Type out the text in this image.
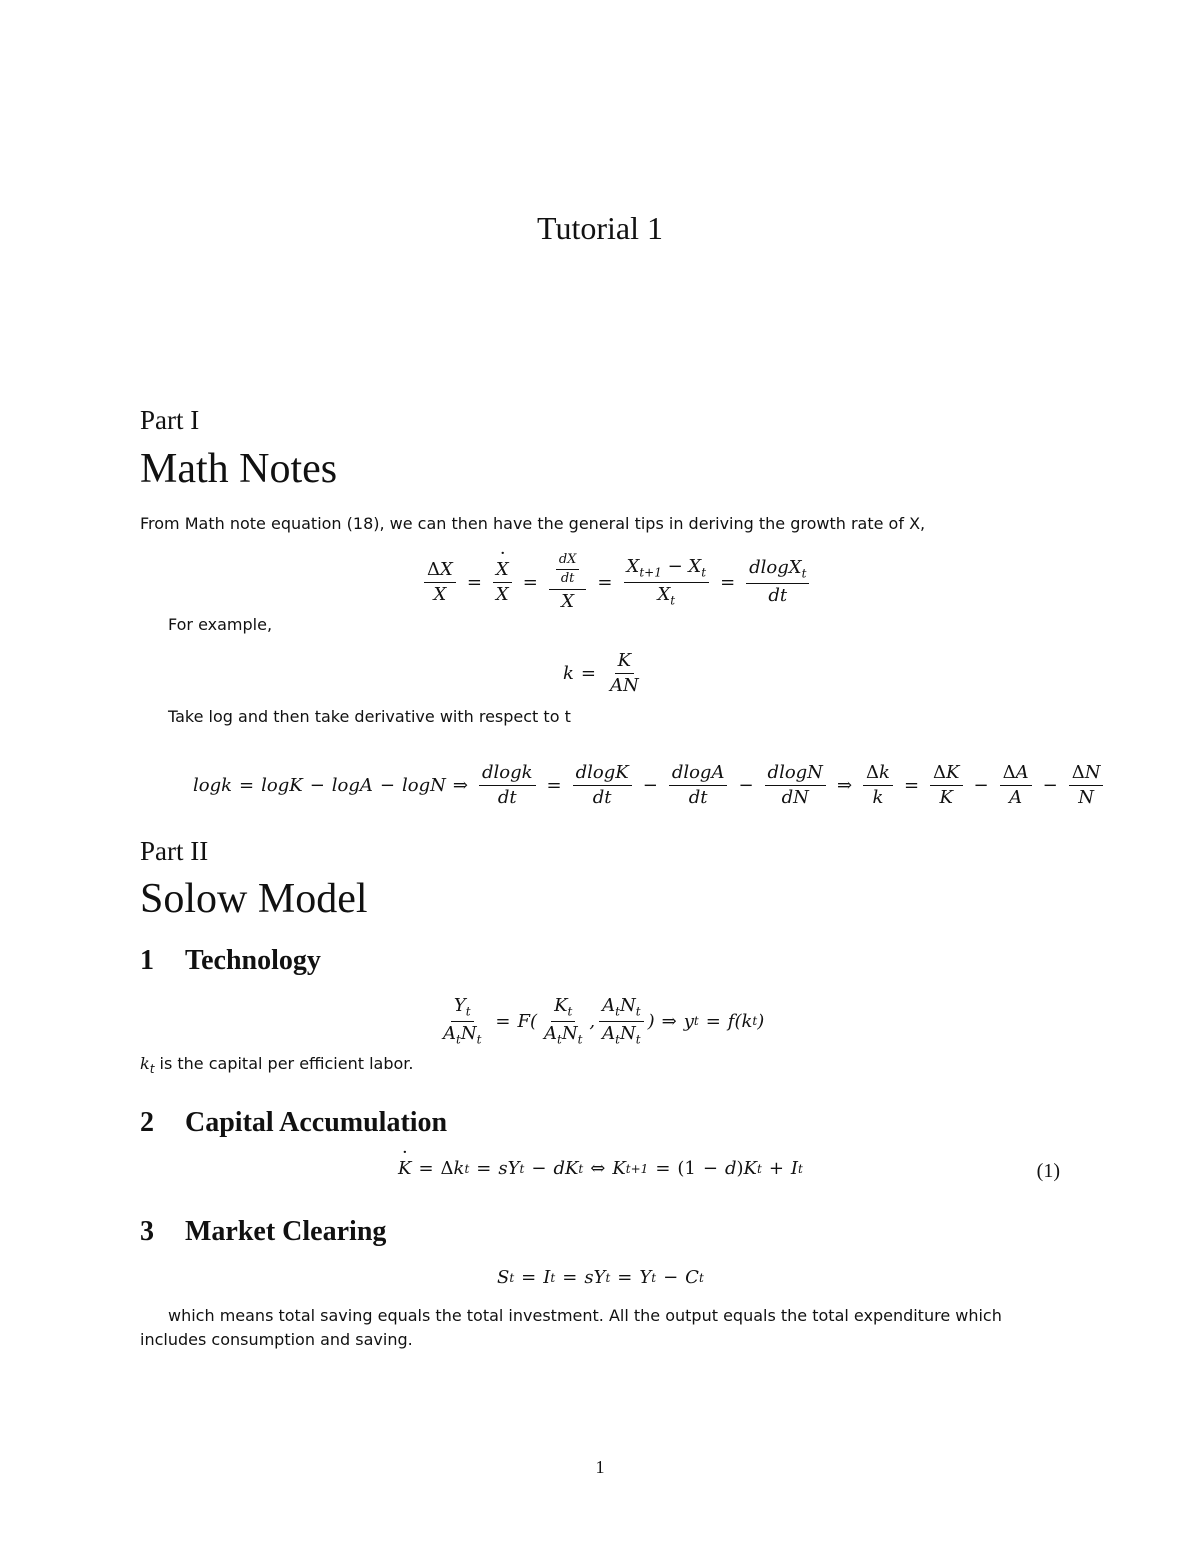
Tutorial 1
Part I
Math Notes
From Math note equation (18), we can then have the general tips in deriving the growth rate of X,
$\frac{\Delta X}{X}$ =
· $\frac{X}{X} = \frac{\frac{dX}{dt}}{X} = \frac{X_{t+1} - X_t}{X_t} = \frac{dlogX_t}{dt}$
For example,
$k = \frac{K}{AN}$
Take log and then take derivative with respect to t
logk = logK − logA − logN ⇒ $\frac{dlogk}{dt} = \frac{dlogK}{dt} - \frac{dlogA}{dt} - \frac{dlogN}{dN}$ ⇒ $\frac{\Delta k}{k} = \frac{\Delta K}{K} - \frac{\Delta A}{A} - \frac{\Delta N}{N}$
Part II
Solow Model
1 Technology
$\frac{Y_t}{A_tN_t} = F( \frac{K_t}{A_tN_t}$ , $\frac{A_tN_t}{A_tN_t}$ ) ⇒ y t = f(k t )
$k_t$ is the capital per efficient labor.
2 Capital Accumulation
· K = Δ k t = sY t − dK t ⇔ K t+1 = (1 − d ) K t + I t	(1)
3 Market Clearing
S t = I t = sY t = Y t − C t
which means total saving equals the total investment. All the output equals the total expenditure which includes consumption and saving.
1
